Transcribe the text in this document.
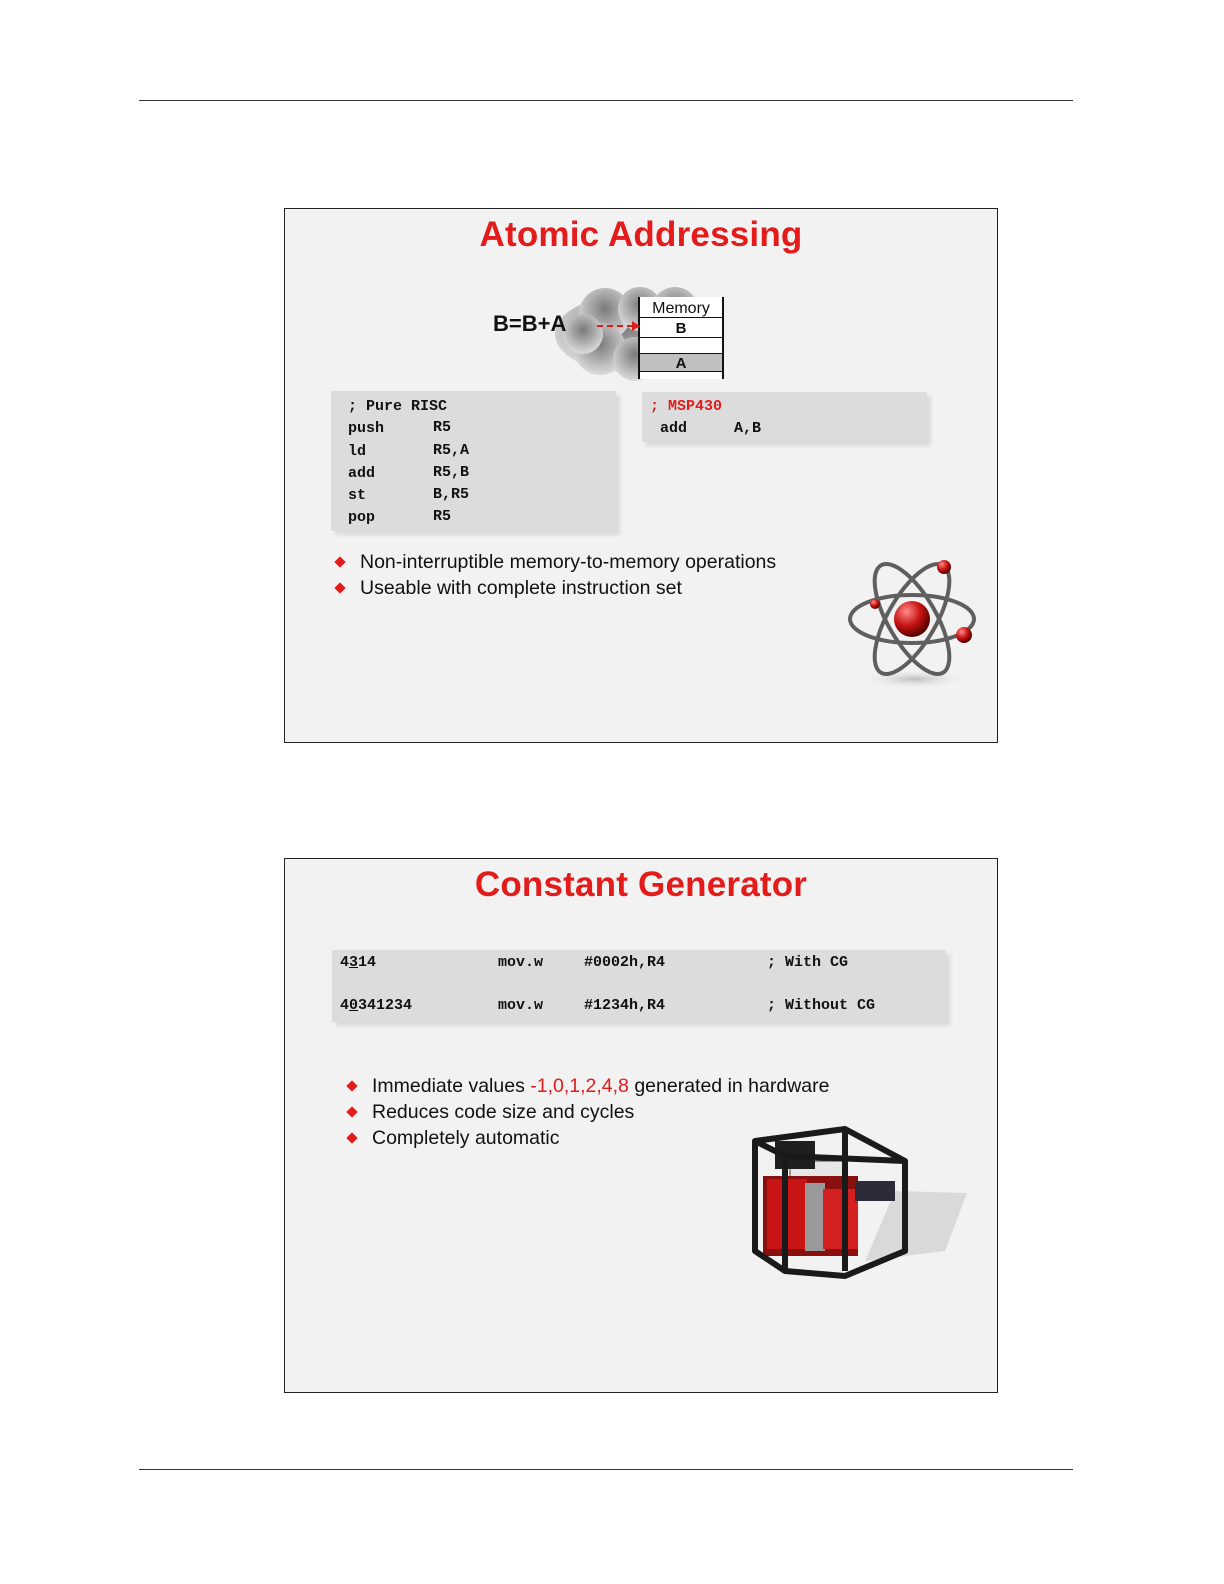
Atomic Addressing
Memory
B
A
B=B+A
; Pure RISC
push	R5
ld	R5,A
add	R5,B
st	B,R5
pop	R5
; MSP430
add	A,B
Non-interruptible memory-to-memory operations
Useable with complete instruction set
Constant Generator
4314	mov.w	#0002h,R4	; With CG
40341234	mov.w	#1234h,R4	; Without CG
Immediate values -1,0,1,2,4,8 generated in hardware
Reduces code size and cycles
Completely automatic
